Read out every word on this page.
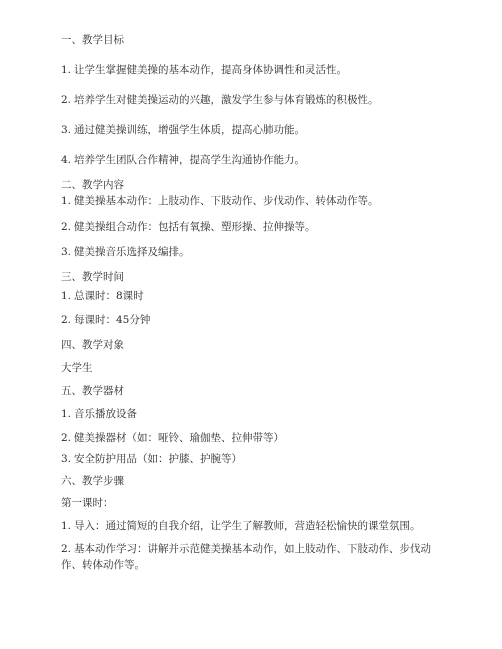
一、教学目标
1. 让学生掌握健美操的基本动作，提高身体协调性和灵活性。
2. 培养学生对健美操运动的兴趣，激发学生参与体育锻炼的积极性。
3. 通过健美操训练，增强学生体质，提高心肺功能。
4. 培养学生团队合作精神，提高学生沟通协作能力。
二、教学内容
1. 健美操基本动作：上肢动作、下肢动作、步伐动作、转体动作等。
2. 健美操组合动作：包括有氧操、塑形操、拉伸操等。
3. 健美操音乐选择及编排。
三、教学时间
1. 总课时：8课时
2. 每课时：45分钟
四、教学对象
大学生
五、教学器材
1. 音乐播放设备
2. 健美操器材（如：哑铃、瑜伽垫、拉伸带等）
3. 安全防护用品（如：护膝、护腕等）
六、教学步骤
第一课时：
1. 导入：通过简短的自我介绍，让学生了解教师，营造轻松愉快的课堂氛围。
2. 基本动作学习：讲解并示范健美操基本动作，如上肢动作、下肢动作、步伐动作、转体动作等。
